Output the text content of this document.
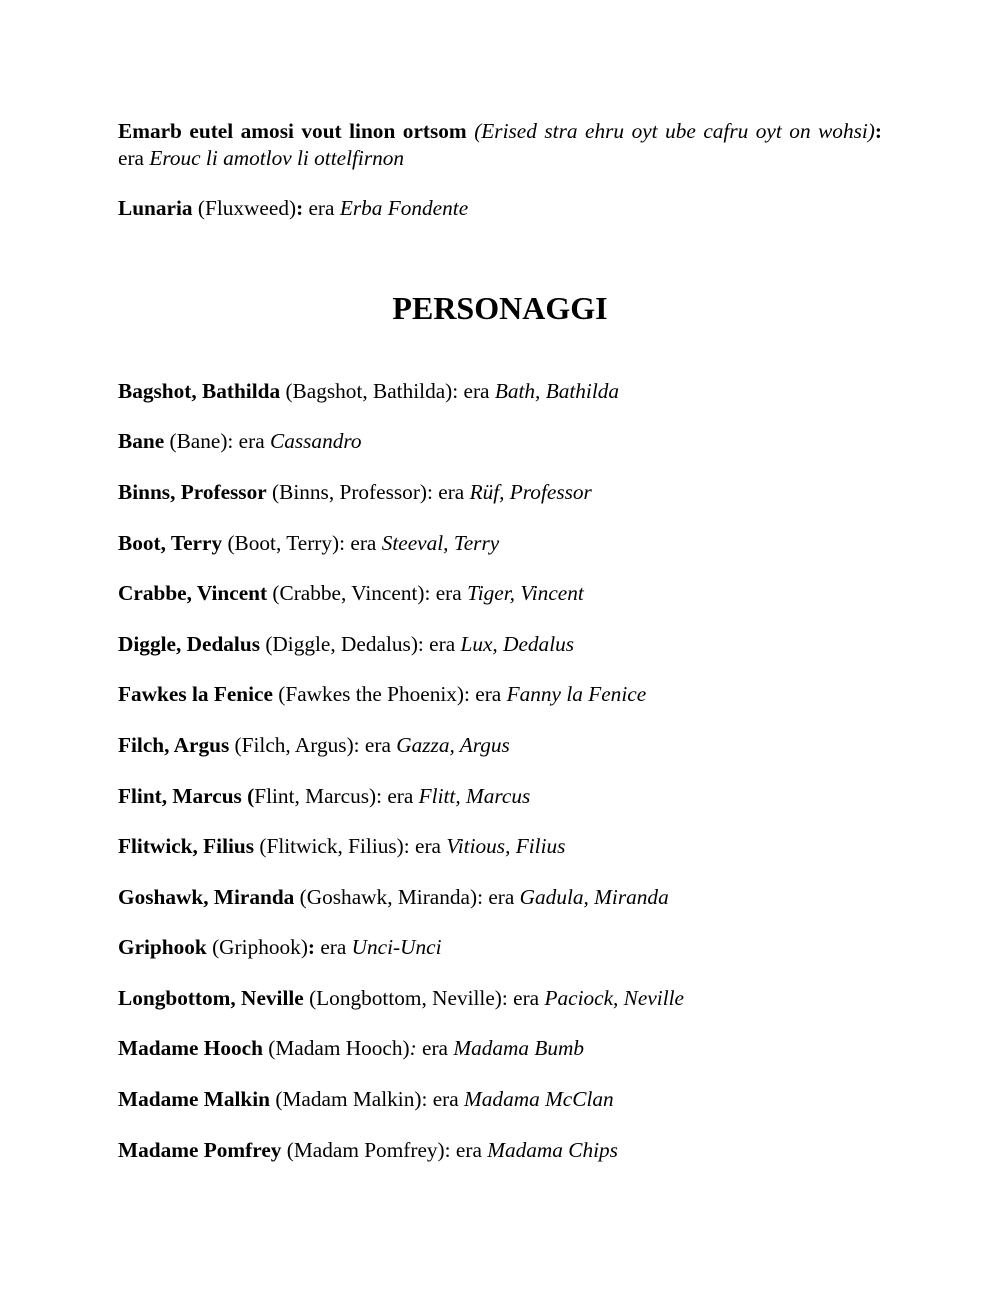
Emarb eutel amosi vout linon ortsom (Erised stra ehru oyt ube cafru oyt on wohsi): era Erouc li amotlov li ottelfirnon

Lunaria (Fluxweed): era Erba Fondente

PERSONAGGI

Bagshot, Bathilda (Bagshot, Bathilda): era Bath, Bathilda

Bane (Bane): era Cassandro

Binns, Professor (Binns, Professor): era Rüf, Professor

Boot, Terry (Boot, Terry): era Steeval, Terry

Crabbe, Vincent (Crabbe, Vincent): era Tiger, Vincent

Diggle, Dedalus (Diggle, Dedalus): era Lux, Dedalus

Fawkes la Fenice (Fawkes the Phoenix): era Fanny la Fenice

Filch, Argus (Filch, Argus): era Gazza, Argus

Flint, Marcus (Flint, Marcus): era Flitt, Marcus

Flitwick, Filius (Flitwick, Filius): era Vitious, Filius

Goshawk, Miranda (Goshawk, Miranda): era Gadula, Miranda

Griphook (Griphook): era Unci-Unci

Longbottom, Neville (Longbottom, Neville): era Paciock, Neville

Madame Hooch (Madam Hooch): era Madama Bumb

Madame Malkin (Madam Malkin): era Madama McClan

Madame Pomfrey (Madam Pomfrey): era Madama Chips
